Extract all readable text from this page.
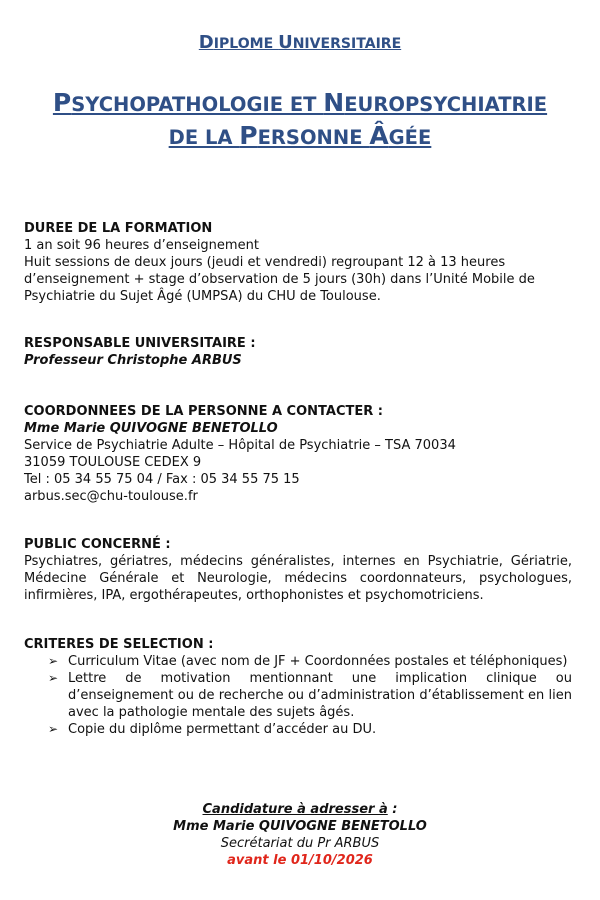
DIPLOME UNIVERSITAIRE
PSYCHOPATHOLOGIE ET NEUROPSYCHIATRIE
DE LA PERSONNE ÂGÉE
DUREE DE LA FORMATION
1 an soit 96 heures d’enseignement
Huit sessions de deux jours (jeudi et vendredi) regroupant 12 à 13 heures
d’enseignement + stage d’observation de 5 jours (30h) dans l’Unité Mobile de
Psychiatrie du Sujet Âgé (UMPSA) du CHU de Toulouse.
RESPONSABLE UNIVERSITAIRE :
Professeur Christophe ARBUS
COORDONNEES DE LA PERSONNE A CONTACTER :
Mme Marie QUIVOGNE BENETOLLO
Service de Psychiatrie Adulte – Hôpital de Psychiatrie – TSA 70034
31059 TOULOUSE CEDEX 9
Tel : 05 34 55 75 04 / Fax : 05 34 55 75 15
arbus.sec@chu-toulouse.fr
PUBLIC CONCERNÉ :
Psychiatres, gériatres, médecins généralistes, internes en Psychiatrie, Gériatrie, Médecine Générale et Neurologie, médecins coordonnateurs, psychologues, infirmières, IPA, ergothérapeutes, orthophonistes et psychomotriciens.
CRITERES DE SELECTION :
➢ Curriculum Vitae (avec nom de JF + Coordonnées postales et téléphoniques)
➢ Lettre de motivation mentionnant une implication clinique ou d’enseignement ou de recherche ou d’administration d’établissement en lien avec la pathologie mentale des sujets âgés.
➢ Copie du diplôme permettant d’accéder au DU.
Candidature à adresser à :
Mme Marie QUIVOGNE BENETOLLO
Secrétariat du Pr ARBUS
avant le 01/10/2026
